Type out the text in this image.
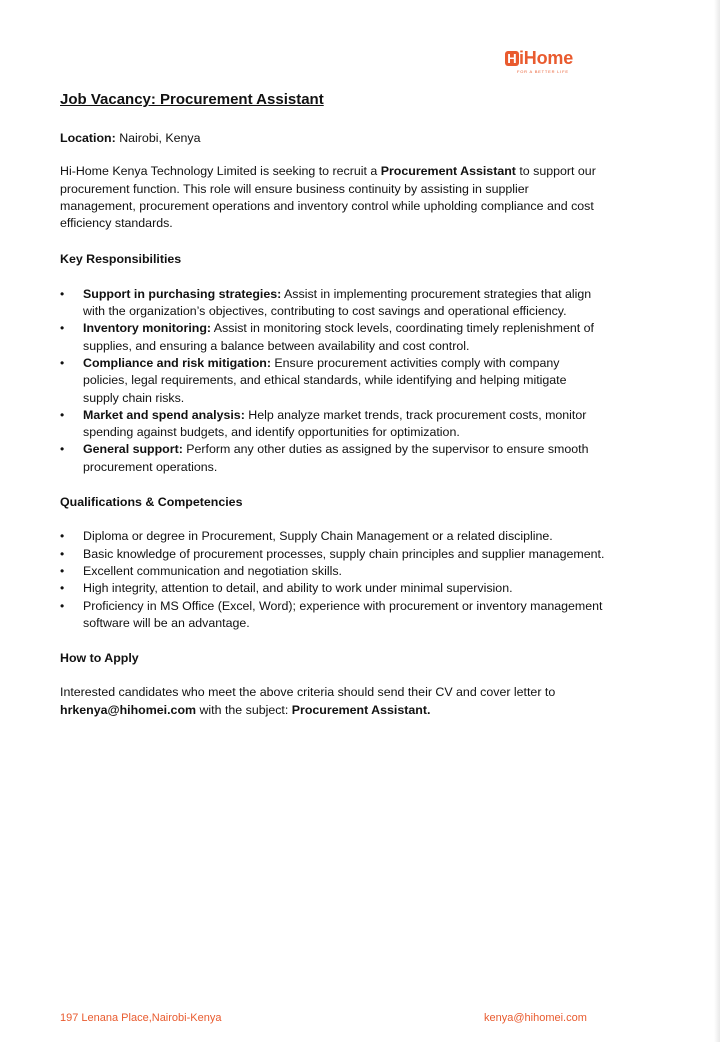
H iHome
FOR A BETTER LIFE
Job Vacancy: Procurement Assistant

Location: Nairobi, Kenya

Hi-Home Kenya Technology Limited is seeking to recruit a Procurement Assistant to support our procurement function. This role will ensure business continuity by assisting in supplier management, procurement operations and inventory control while upholding compliance and cost efficiency standards.

Key Responsibilities

• Support in purchasing strategies: Assist in implementing procurement strategies that align with the organization’s objectives, contributing to cost savings and operational efficiency.
• Inventory monitoring: Assist in monitoring stock levels, coordinating timely replenishment of supplies, and ensuring a balance between availability and cost control.
• Compliance and risk mitigation: Ensure procurement activities comply with company policies, legal requirements, and ethical standards, while identifying and helping mitigate supply chain risks.
• Market and spend analysis: Help analyze market trends, track procurement costs, monitor spending against budgets, and identify opportunities for optimization.
• General support: Perform any other duties as assigned by the supervisor to ensure smooth procurement operations.

Qualifications & Competencies

• Diploma or degree in Procurement, Supply Chain Management or a related discipline.
• Basic knowledge of procurement processes, supply chain principles and supplier management.
• Excellent communication and negotiation skills.
• High integrity, attention to detail, and ability to work under minimal supervision.
• Proficiency in MS Office (Excel, Word); experience with procurement or inventory management software will be an advantage.

How to Apply

Interested candidates who meet the above criteria should send their CV and cover letter to hrkenya@hihomei.com with the subject: Procurement Assistant.

197 Lenana Place,Nairobi-Kenya	kenya@hihomei.com
